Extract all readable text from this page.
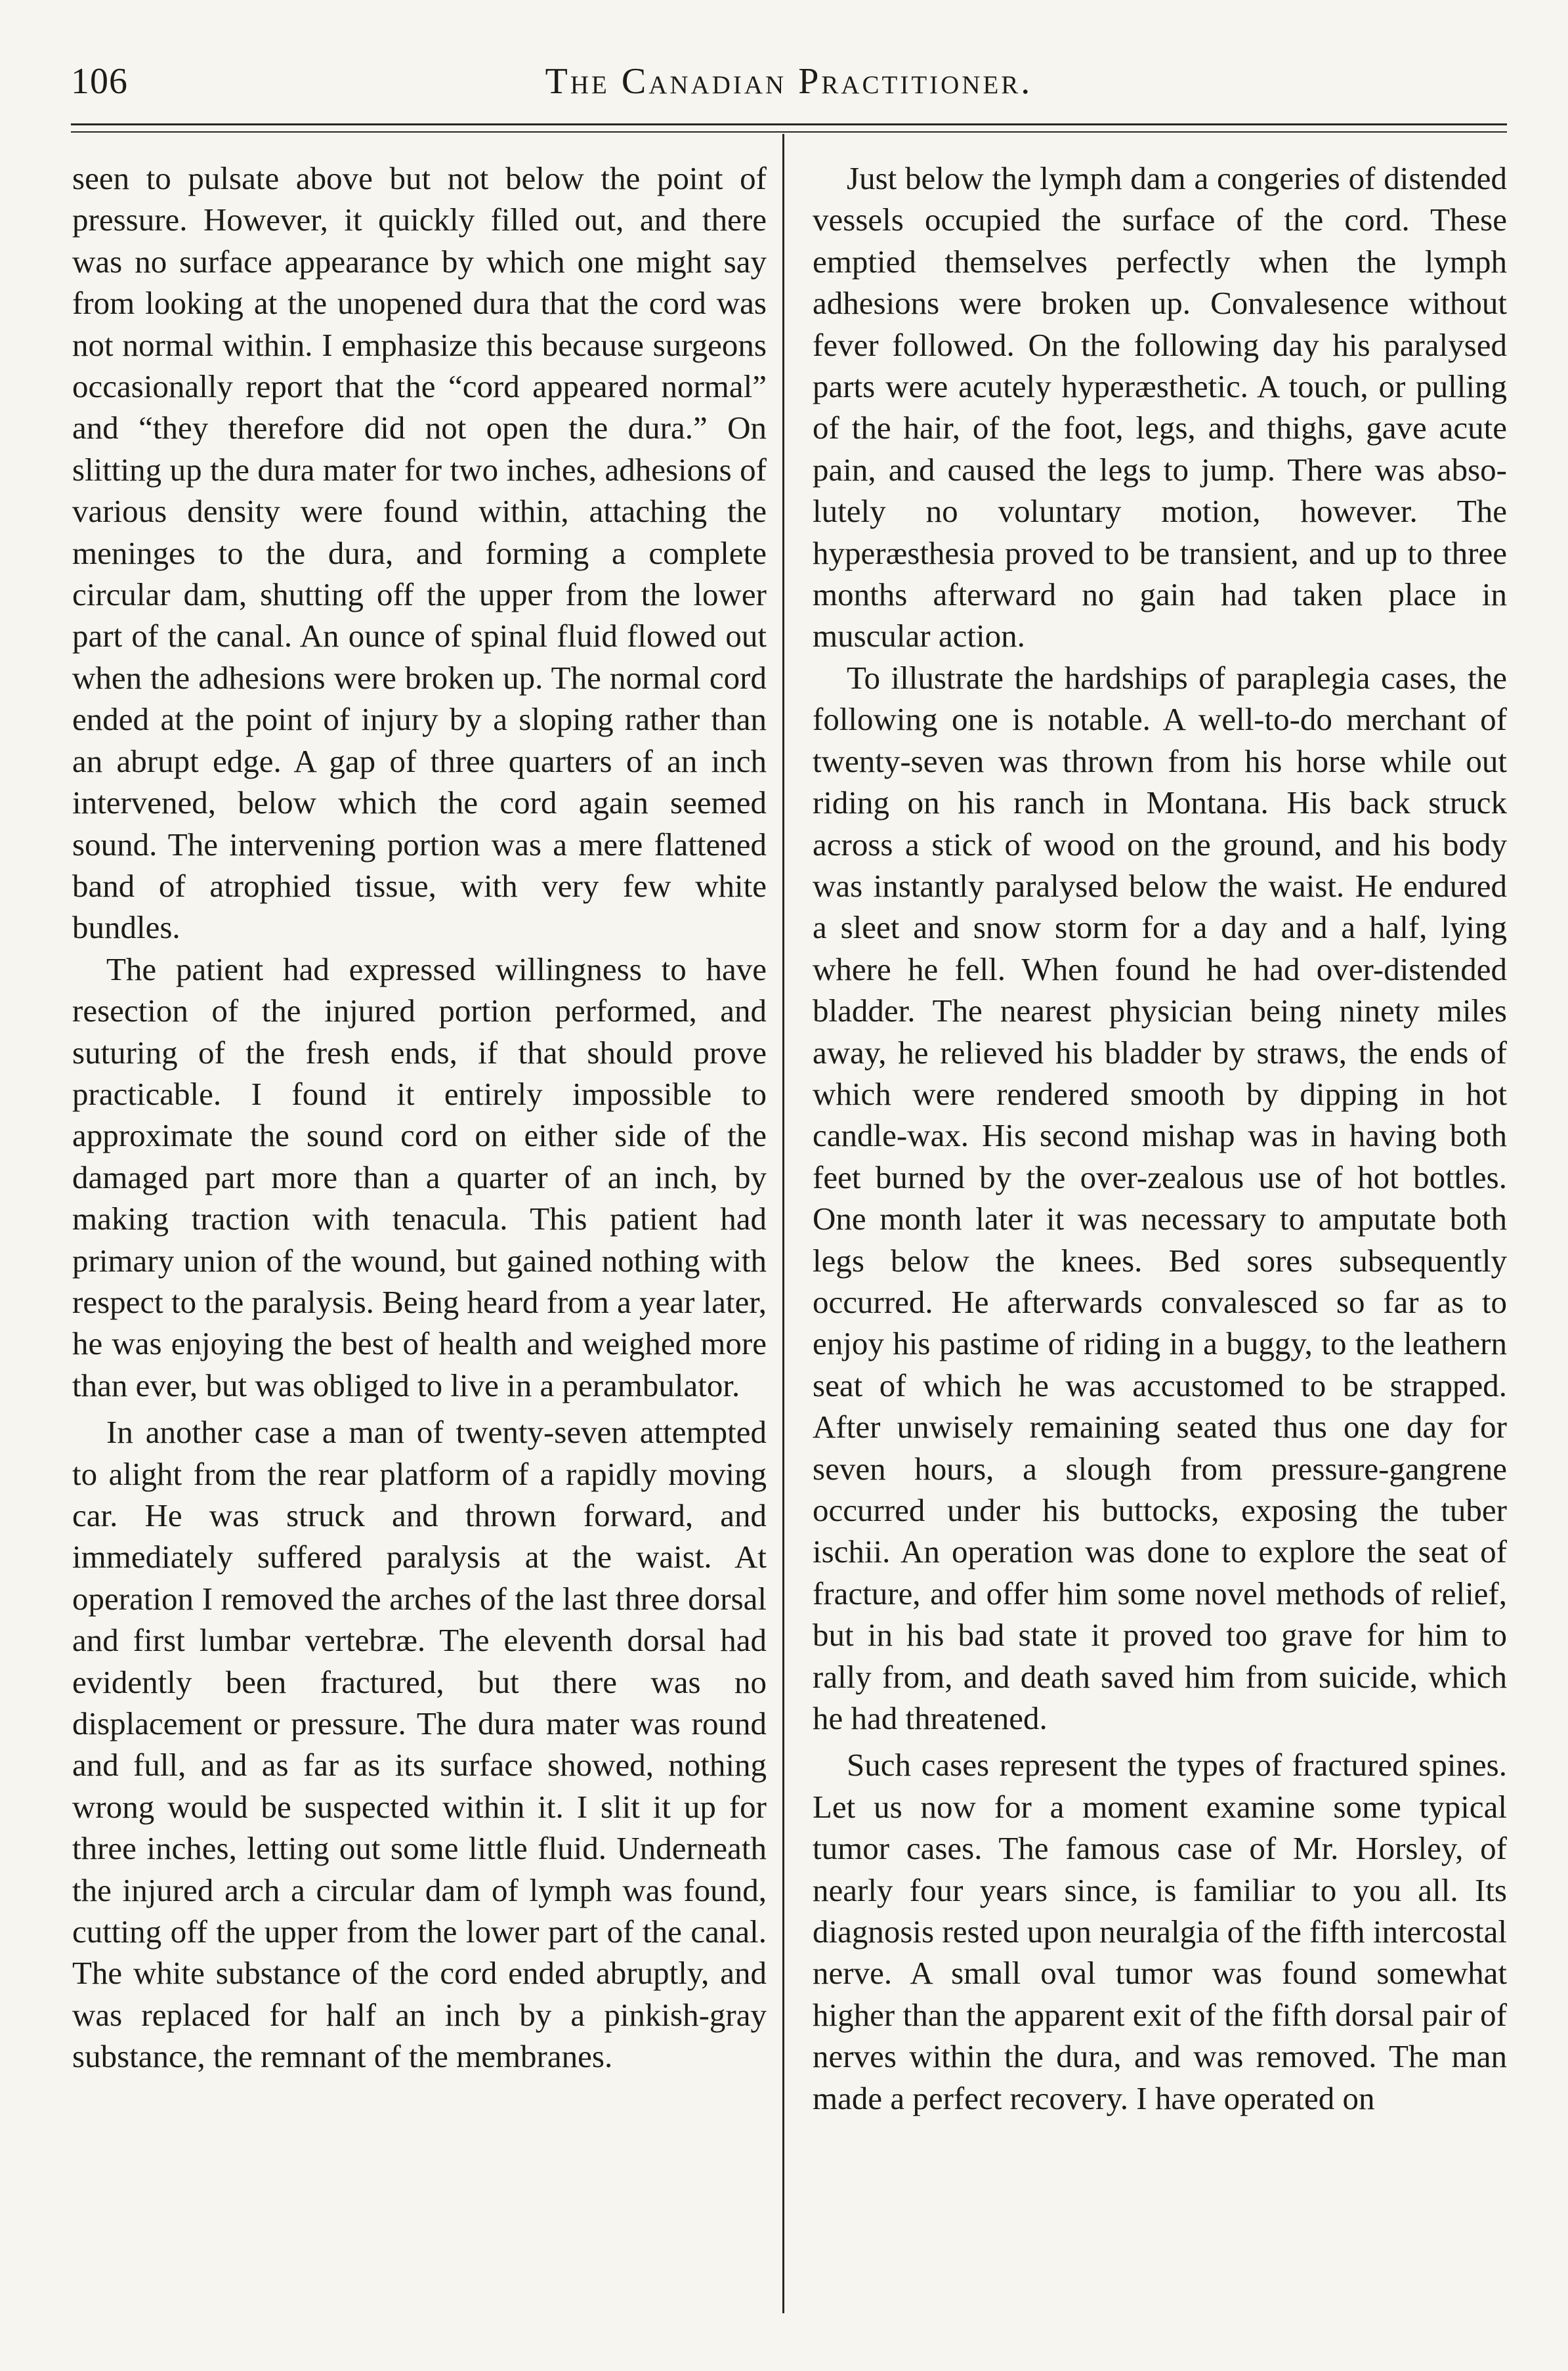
106	The Canadian Practitioner.

seen to pulsate above but not below the point of pressure. However, it quickly filled out, and there was no surface appearance by which one might say from looking at the unopened dura that the cord was not normal within. I emphasize this because surgeons occasionally report that the “cord appeared normal” and “they therefore did not open the dura.” On slitting up the dura mater for two inches, adhesions of various density were found within, attaching the meninges to the dura, and forming a complete circular dam, shutting off the upper from the lower part of the canal. An ounce of spinal fluid flowed out when the adhesions were broken up. The normal cord ended at the point of injury by a sloping rather than an abrupt edge. A gap of three quarters of an inch intervened, below which the cord again seemed sound. The intervening portion was a mere flattened band of atrophied tissue, with very few white bundles.

The patient had expressed willingness to have resection of the injured portion performed, and suturing of the fresh ends, if that should prove practicable. I found it entirely impossible to approximate the sound cord on either side of the damaged part more than a quarter of an inch, by making traction with tenacula. This patient had primary union of the wound, but gained nothing with respect to the paralysis. Being heard from a year later, he was enjoying the best of health and weighed more than ever, but was obliged to live in a perambulator.

In another case a man of twenty-seven attempted to alight from the rear platform of a rapidly moving car. He was struck and thrown forward, and immediately suffered paralysis at the waist. At operation I removed the arches of the last three dorsal and first lumbar vertebræ. The eleventh dorsal had evidently been fractured, but there was no displacement or pressure. The dura mater was round and full, and as far as its surface showed, nothing wrong would be suspected within it. I slit it up for three inches, letting out some little fluid. Underneath the injured arch a circular dam of lymph was found, cutting off the upper from the lower part of the canal. The white substance of the cord ended abruptly, and was replaced for half an inch by a pinkish-gray substance, the remnant of the membranes.

Just below the lymph dam a congeries of distended vessels occupied the surface of the cord. These emptied themselves perfectly when the lymph adhesions were broken up. Convalesence without fever followed. On the following day his paralysed parts were acutely hyperæsthetic. A touch, or pulling of the hair, of the foot, legs, and thighs, gave acute pain, and caused the legs to jump. There was absolutely no voluntary motion, however. The hyperæsthesia proved to be transient, and up to three months afterward no gain had taken place in muscular action.

To illustrate the hardships of paraplegia cases, the following one is notable. A well-to-do merchant of twenty-seven was thrown from his horse while out riding on his ranch in Montana. His back struck across a stick of wood on the ground, and his body was instantly paralysed below the waist. He endured a sleet and snow storm for a day and a half, lying where he fell. When found he had over-distended bladder. The nearest physician being ninety miles away, he relieved his bladder by straws, the ends of which were rendered smooth by dipping in hot candle-wax. His second mishap was in having both feet burned by the over-zealous use of hot bottles. One month later it was necessary to amputate both legs below the knees. Bed sores subsequently occurred. He afterwards convalesced so far as to enjoy his pastime of riding in a buggy, to the leathern seat of which he was accustomed to be strapped. After unwisely remaining seated thus one day for seven hours, a slough from pressure-gangrene occurred under his buttocks, exposing the tuber ischii. An operation was done to explore the seat of fracture, and offer him some novel methods of relief, but in his bad state it proved too grave for him to rally from, and death saved him from suicide, which he had threatened.

Such cases represent the types of fractured spines. Let us now for a moment examine some typical tumor cases. The famous case of Mr. Horsley, of nearly four years since, is familiar to you all. Its diagnosis rested upon neuralgia of the fifth intercostal nerve. A small oval tumor was found somewhat higher than the apparent exit of the fifth dorsal pair of nerves within the dura, and was removed. The man made a perfect recovery. I have operated on
